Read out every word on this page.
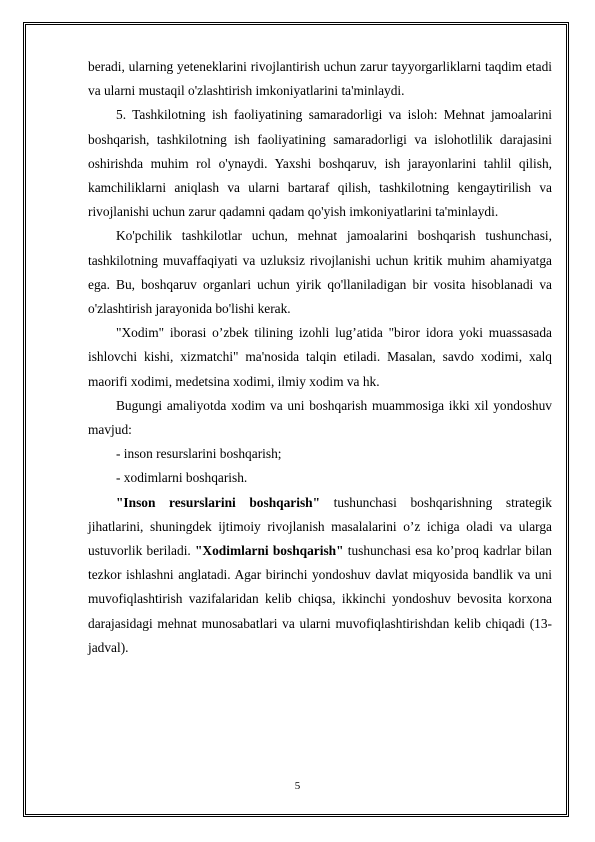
beradi, ularning yeteneklarini rivojlantirish uchun zarur tayyorgarliklarni taqdim etadi va ularni mustaqil o'zlashtirish imkoniyatlarini ta'minlaydi.

5. Tashkilotning ish faoliyatining samaradorligi va isloh: Mehnat jamoalarini boshqarish, tashkilotning ish faoliyatining samaradorligi va islohotlilik darajasini oshirishda muhim rol o'ynaydi. Yaxshi boshqaruv, ish jarayonlarini tahlil qilish, kamchiliklarni aniqlash va ularni bartaraf qilish, tashkilotning kengaytirilish va rivojlanishi uchun zarur qadamni qadam qo'yish imkoniyatlarini ta'minlaydi.

Ko'pchilik tashkilotlar uchun, mehnat jamoalarini boshqarish tushunchasi, tashkilotning muvaffaqiyati va uzluksiz rivojlanishi uchun kritik muhim ahamiyatga ega. Bu, boshqaruv organlari uchun yirik qo'llaniladigan bir vosita hisoblanadi va o'zlashtirish jarayonida bo'lishi kerak.

"Xodim" iborasi o’zbek tilining izohli lug’atida "biror idora yoki muassasada ishlovchi kishi, xizmatchi" ma'nosida talqin etiladi. Masalan, savdo xodimi, xalq maorifi xodimi, medetsina xodimi, ilmiy xodim va hk.

Bugungi amaliyotda xodim va uni boshqarish muammosiga ikki xil yondoshuv mavjud:

- inson resurslarini boshqarish;

- xodimlarni boshqarish.

"Inson resurslarini boshqarish" tushunchasi boshqarishning strategik jihatlarini, shuningdek ijtimoiy rivojlanish masalalarini o’z ichiga oladi va ularga ustuvorlik beriladi. "Xodimlarni boshqarish" tushunchasi esa ko’proq kadrlar bilan tezkor ishlashni anglatadi. Agar birinchi yondoshuv davlat miqyosida bandlik va uni muvofiqlashtirish vazifalaridan kelib chiqsa, ikkinchi yondoshuv bevosita korxona darajasidagi mehnat munosabatlari va ularni muvofiqlashtirishdan kelib chiqadi (13-jadval).

5
